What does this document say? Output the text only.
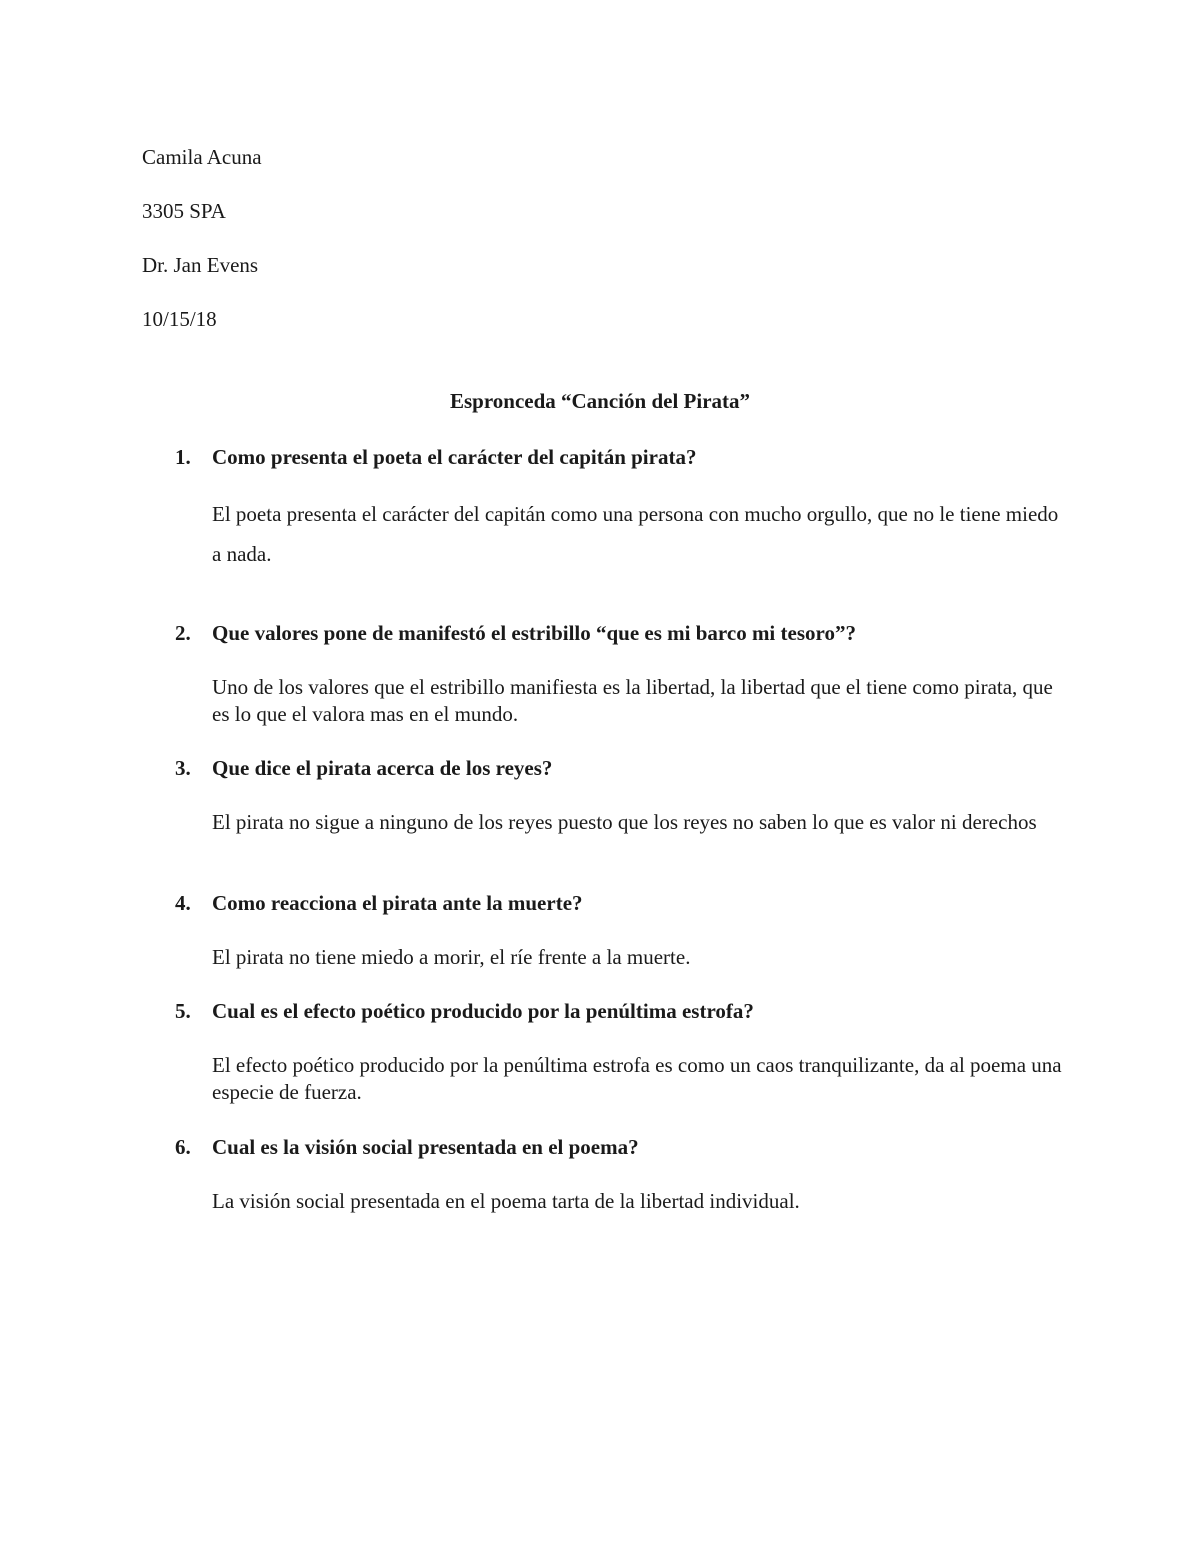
Camila Acuna

3305 SPA

Dr. Jan Evens

10/15/18

Espronceda “Canción del Pirata”

1. Como presenta el poeta el carácter del capitán pirata?

El poeta presenta el carácter del capitán como una persona con mucho orgullo, que no le tiene miedo a nada.

2. Que valores pone de manifestó el estribillo “que es mi barco mi tesoro”?

Uno de los valores que el estribillo manifiesta es la libertad, la libertad que el tiene como pirata, que es lo que el valora mas en el mundo.

3. Que dice el pirata acerca de los reyes?

El pirata no sigue a ninguno de los reyes puesto que los reyes no saben lo que es valor ni derechos

4. Como reacciona el pirata ante la muerte?

El pirata no tiene miedo a morir, el ríe frente a la muerte.

5. Cual es el efecto poético producido por la penúltima estrofa?

El efecto poético producido por la penúltima estrofa es como un caos tranquilizante, da al poema una especie de fuerza.

6. Cual es la visión social presentada en el poema?

La visión social presentada en el poema tarta de la libertad individual.
